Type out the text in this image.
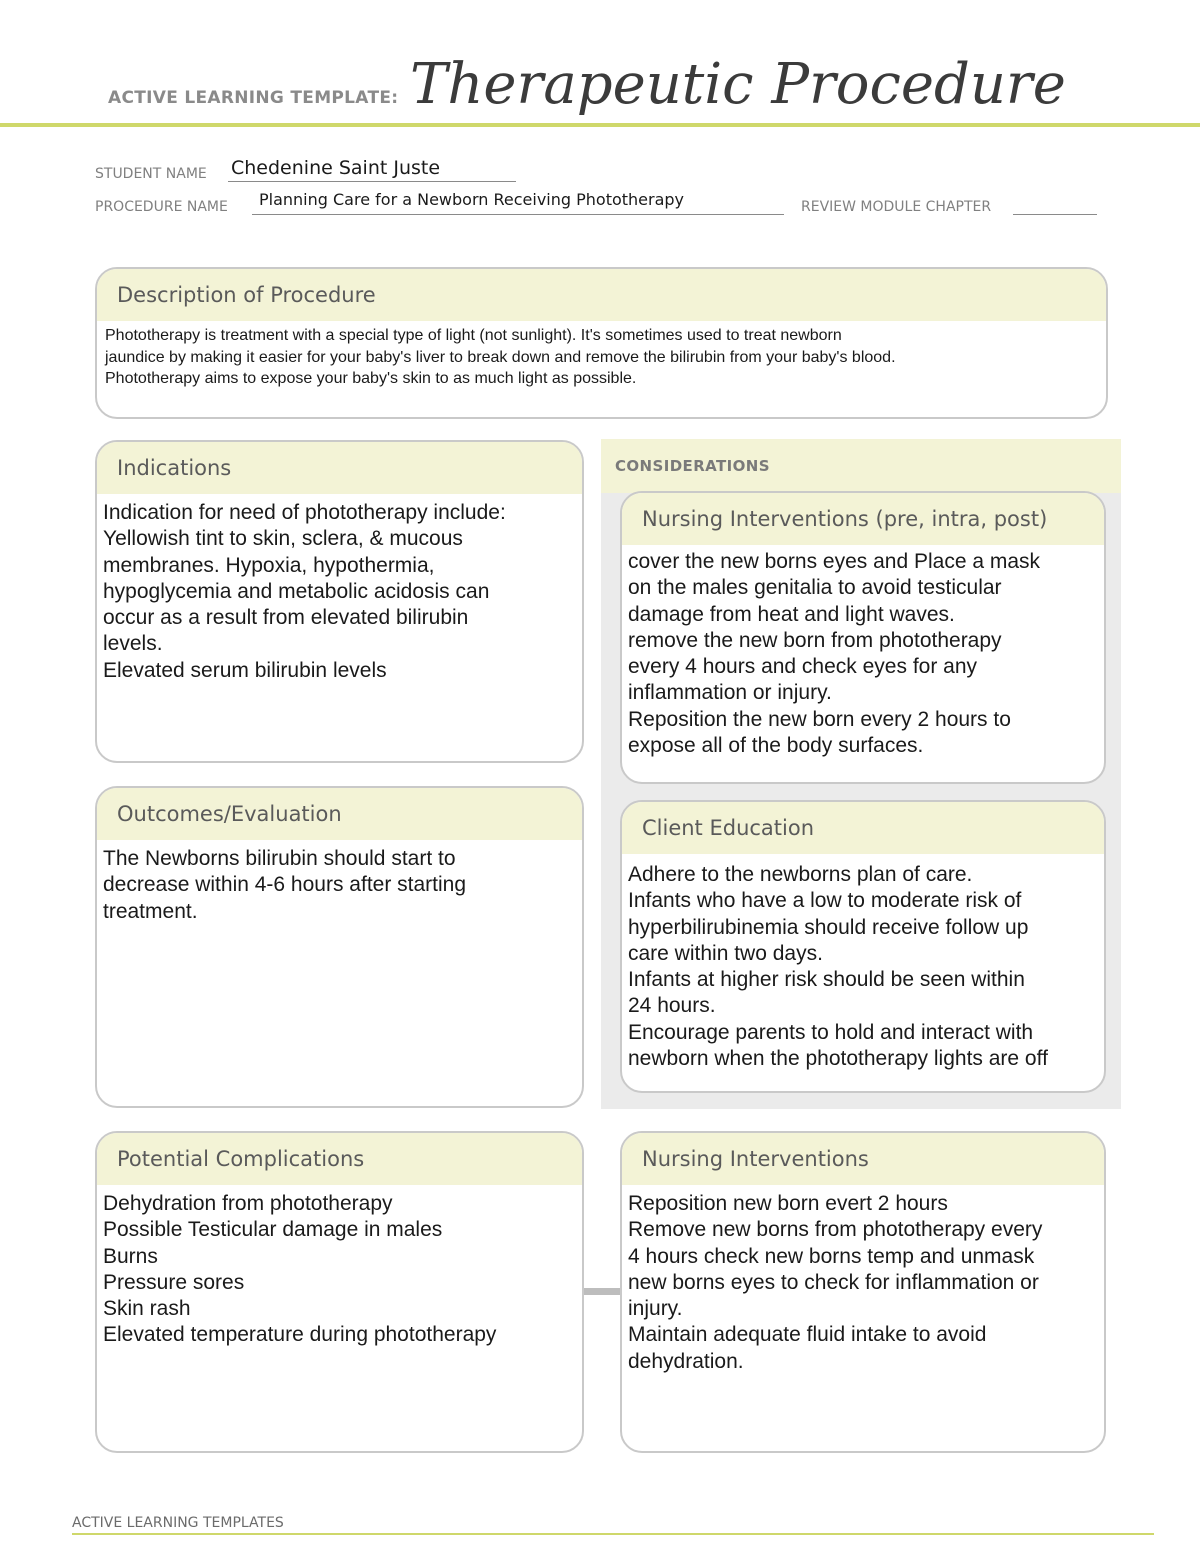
ACTIVE LEARNING TEMPLATE: Therapeutic Procedure
STUDENT NAME Chedenine Saint Juste
PROCEDURE NAME Planning Care for a Newborn Receiving Phototherapy	REVIEW MODULE CHAPTER
Description of Procedure
Phototherapy is treatment with a special type of light (not sunlight). It's sometimes used to treat newborn
jaundice by making it easier for your baby's liver to break down and remove the bilirubin from your baby's blood.
Phototherapy aims to expose your baby's skin to as much light as possible.
Indications
Indication for need of phototherapy include:
Yellowish tint to skin, sclera, & mucous
membranes. Hypoxia, hypothermia,
hypoglycemia and metabolic acidosis can
occur as a result from elevated bilirubin
levels.
Elevated serum bilirubin levels
CONSIDERATIONS
Nursing Interventions (pre, intra, post)
cover the new borns eyes and Place a mask
on the males genitalia to avoid testicular
damage from heat and light waves.
remove the new born from phototherapy
every 4 hours and check eyes for any
inflammation or injury.
Reposition the new born every 2 hours to
expose all of the body surfaces.
Client Education
Adhere to the newborns plan of care.
Infants who have a low to moderate risk of
hyperbilirubinemia should receive follow up
care within two days.
Infants at higher risk should be seen within
24 hours.
Encourage parents to hold and interact with
newborn when the phototherapy lights are off
Outcomes/Evaluation
The Newborns bilirubin should start to
decrease within 4-6 hours after starting
treatment.
Potential Complications
Dehydration from phototherapy
Possible Testicular damage in males
Burns
Pressure sores
Skin rash
Elevated temperature during phototherapy
Nursing Interventions
Reposition new born evert 2 hours
Remove new borns from phototherapy every
4 hours check new borns temp and unmask
new borns eyes to check for inflammation or
injury.
Maintain adequate fluid intake to avoid
dehydration.
ACTIVE LEARNING TEMPLATES
